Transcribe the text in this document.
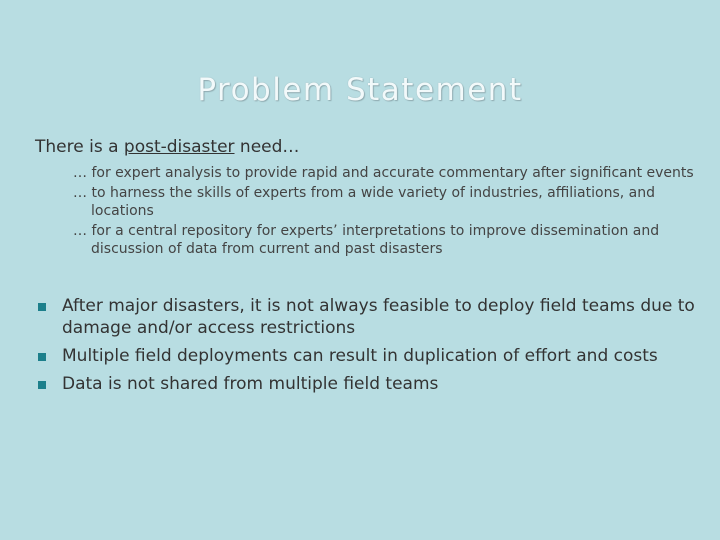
Problem Statement
There is a post-disaster need…
… for expert analysis to provide rapid and accurate commentary after significant events
… to harness the skills of experts from a wide variety of industries, affiliations, and locations
… for a central repository for experts’ interpretations to improve dissemination and discussion of data from current and past disasters
After major disasters, it is not always feasible to deploy field teams due to damage and/or access restrictions
Multiple field deployments can result in duplication of effort and costs
Data is not shared from multiple field teams
